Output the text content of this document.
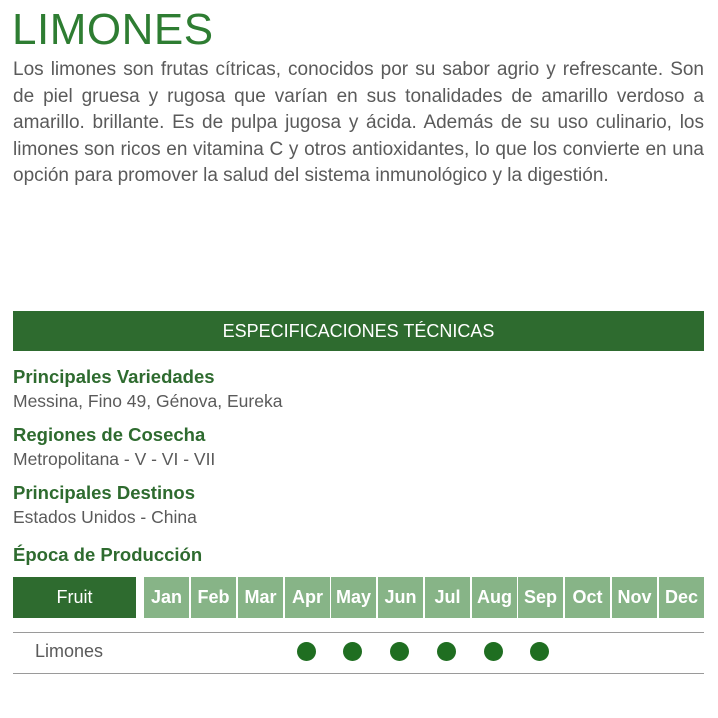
LIMONES

Los limones son frutas cítricas, conocidos por su sabor agrio y refrescante. Son de piel gruesa y rugosa que varían en sus tonalidades de amarillo verdoso a amarillo. brillante. Es de pulpa jugosa y ácida. Además de su uso culinario, los limones son ricos en vitamina C y otros antioxidantes, lo que los convierte en una opción para promover la salud del sistema inmunológico y la digestión.

ESPECIFICACIONES TÉCNICAS
Principales Variedades
Messina, Fino 49, Génova, Eureka
Regiones de Cosecha
Metropolitana - V - VI - VII
Principales Destinos
Estados Unidos - China
Época de Producción
Fruit	Jan Feb Mar Apr May Jun Jul Aug Sep Oct Nov Dec
Limones
